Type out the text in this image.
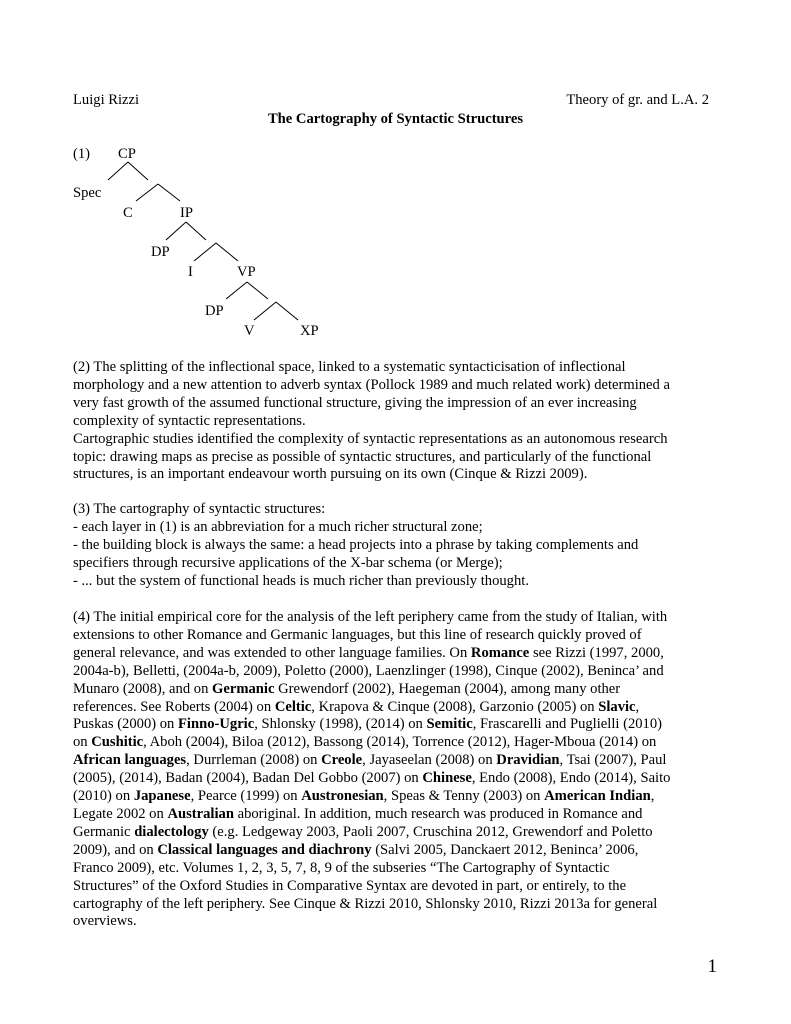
Luigi Rizzi	Theory of gr. and L.A. 2
The Cartography of Syntactic Structures
(1) CP
Spec
C	IP
DP
I	VP
DP
V	XP
(2) The splitting of the inflectional space, linked to a systematic syntacticisation of inflectional
morphology and a new attention to adverb syntax (Pollock 1989 and much related work) determined a
very fast growth of the assumed functional structure, giving the impression of an ever increasing
complexity of syntactic representations.
Cartographic studies identified the complexity of syntactic representations as an autonomous research
topic: drawing maps as precise as possible of syntactic structures, and particularly of the functional
structures, is an important endeavour worth pursuing on its own (Cinque & Rizzi 2009).
(3) The cartography of syntactic structures:
- each layer in (1) is an abbreviation for a much richer structural zone;
- the building block is always the same: a head projects into a phrase by taking complements and
specifiers through recursive applications of the X-bar schema (or Merge);
- ... but the system of functional heads is much richer than previously thought.
(4) The initial empirical core for the analysis of the left periphery came from the study of Italian, with
extensions to other Romance and Germanic languages, but this line of research quickly proved of
general relevance, and was extended to other language families. On Romance see Rizzi (1997, 2000,
2004a-b), Belletti, (2004a-b, 2009), Poletto (2000), Laenzlinger (1998), Cinque (2002), Beninca’ and
Munaro (2008), and on Germanic Grewendorf (2002), Haegeman (2004), among many other
references. See Roberts (2004) on Celtic, Krapova & Cinque (2008), Garzonio (2005) on Slavic,
Puskas (2000) on Finno-Ugric, Shlonsky (1998), (2014) on Semitic, Frascarelli and Puglielli (2010)
on Cushitic, Aboh (2004), Biloa (2012), Bassong (2014), Torrence (2012), Hager-Mboua (2014) on
African languages, Durrleman (2008) on Creole, Jayaseelan (2008) on Dravidian, Tsai (2007), Paul
(2005), (2014), Badan (2004), Badan Del Gobbo (2007) on Chinese, Endo (2008), Endo (2014), Saito
(2010) on Japanese, Pearce (1999) on Austronesian, Speas & Tenny (2003) on American Indian,
Legate 2002 on Australian aboriginal. In addition, much research was produced in Romance and
Germanic dialectology (e.g. Ledgeway 2003, Paoli 2007, Cruschina 2012, Grewendorf and Poletto
2009), and on Classical languages and diachrony (Salvi 2005, Danckaert 2012, Beninca’ 2006,
Franco 2009), etc. Volumes 1, 2, 3, 5, 7, 8, 9 of the subseries “The Cartography of Syntactic
Structures” of the Oxford Studies in Comparative Syntax are devoted in part, or entirely, to the
cartography of the left periphery. See Cinque & Rizzi 2010, Shlonsky 2010, Rizzi 2013a for general
overviews.
1
